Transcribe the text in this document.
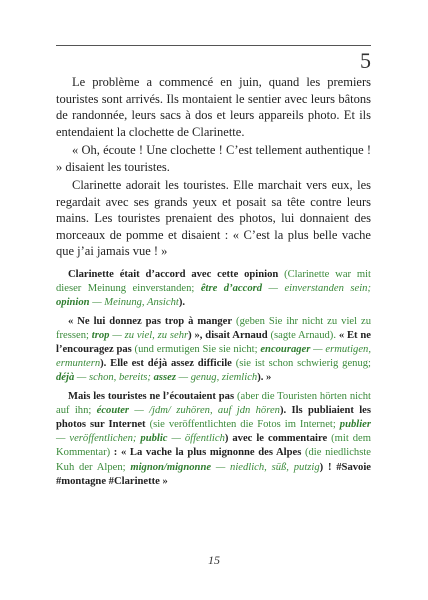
5

Le problème a commencé en juin, quand les premiers touristes sont arrivés. Ils montaient le sentier avec leurs bâtons de randonnée, leurs sacs à dos et leurs appareils photo. Et ils entendaient la clochette de Clarinette.

« Oh, écoute ! Une clochette ! C’est tellement authentique ! » disaient les touristes.

Clarinette adorait les touristes. Elle marchait vers eux, les regardait avec ses grands yeux et posait sa tête contre leurs mains. Les touristes prenaient des photos, lui donnaient des morceaux de pomme et disaient : « C’est la plus belle vache que j’ai jamais vue ! »

Clarinette était d’accord avec cette opinion (Clarinette war mit dieser Meinung einverstanden; être d’accord — einverstanden sein; opinion — Meinung, Ansicht).

« Ne lui donnez pas trop à manger (geben Sie ihr nicht zu viel zu fressen; trop — zu viel, zu sehr) », disait Arnaud (sagte Arnaud). « Et ne l’encouragez pas (und ermutigen Sie sie nicht; encourager — ermutigen, ermuntern). Elle est déjà assez difficile (sie ist schon schwierig genug; déjà — schon, bereits; assez — genug, ziemlich). »

Mais les touristes ne l’écoutaient pas (aber die Touristen hörten nicht auf ihn; écouter — /jdm/ zuhören, auf jdn hören). Ils publiaient les photos sur Internet (sie veröffentlichten die Fotos im Internet; publier — veröffentlichen; public — öffentlich) avec le commentaire (mit dem Kommentar) : « La vache la plus mignonne des Alpes (die niedlichste Kuh der Alpen; mignon/mignonne — niedlich, süß, putzig) ! #Savoie #montagne #Clarinette »

15
